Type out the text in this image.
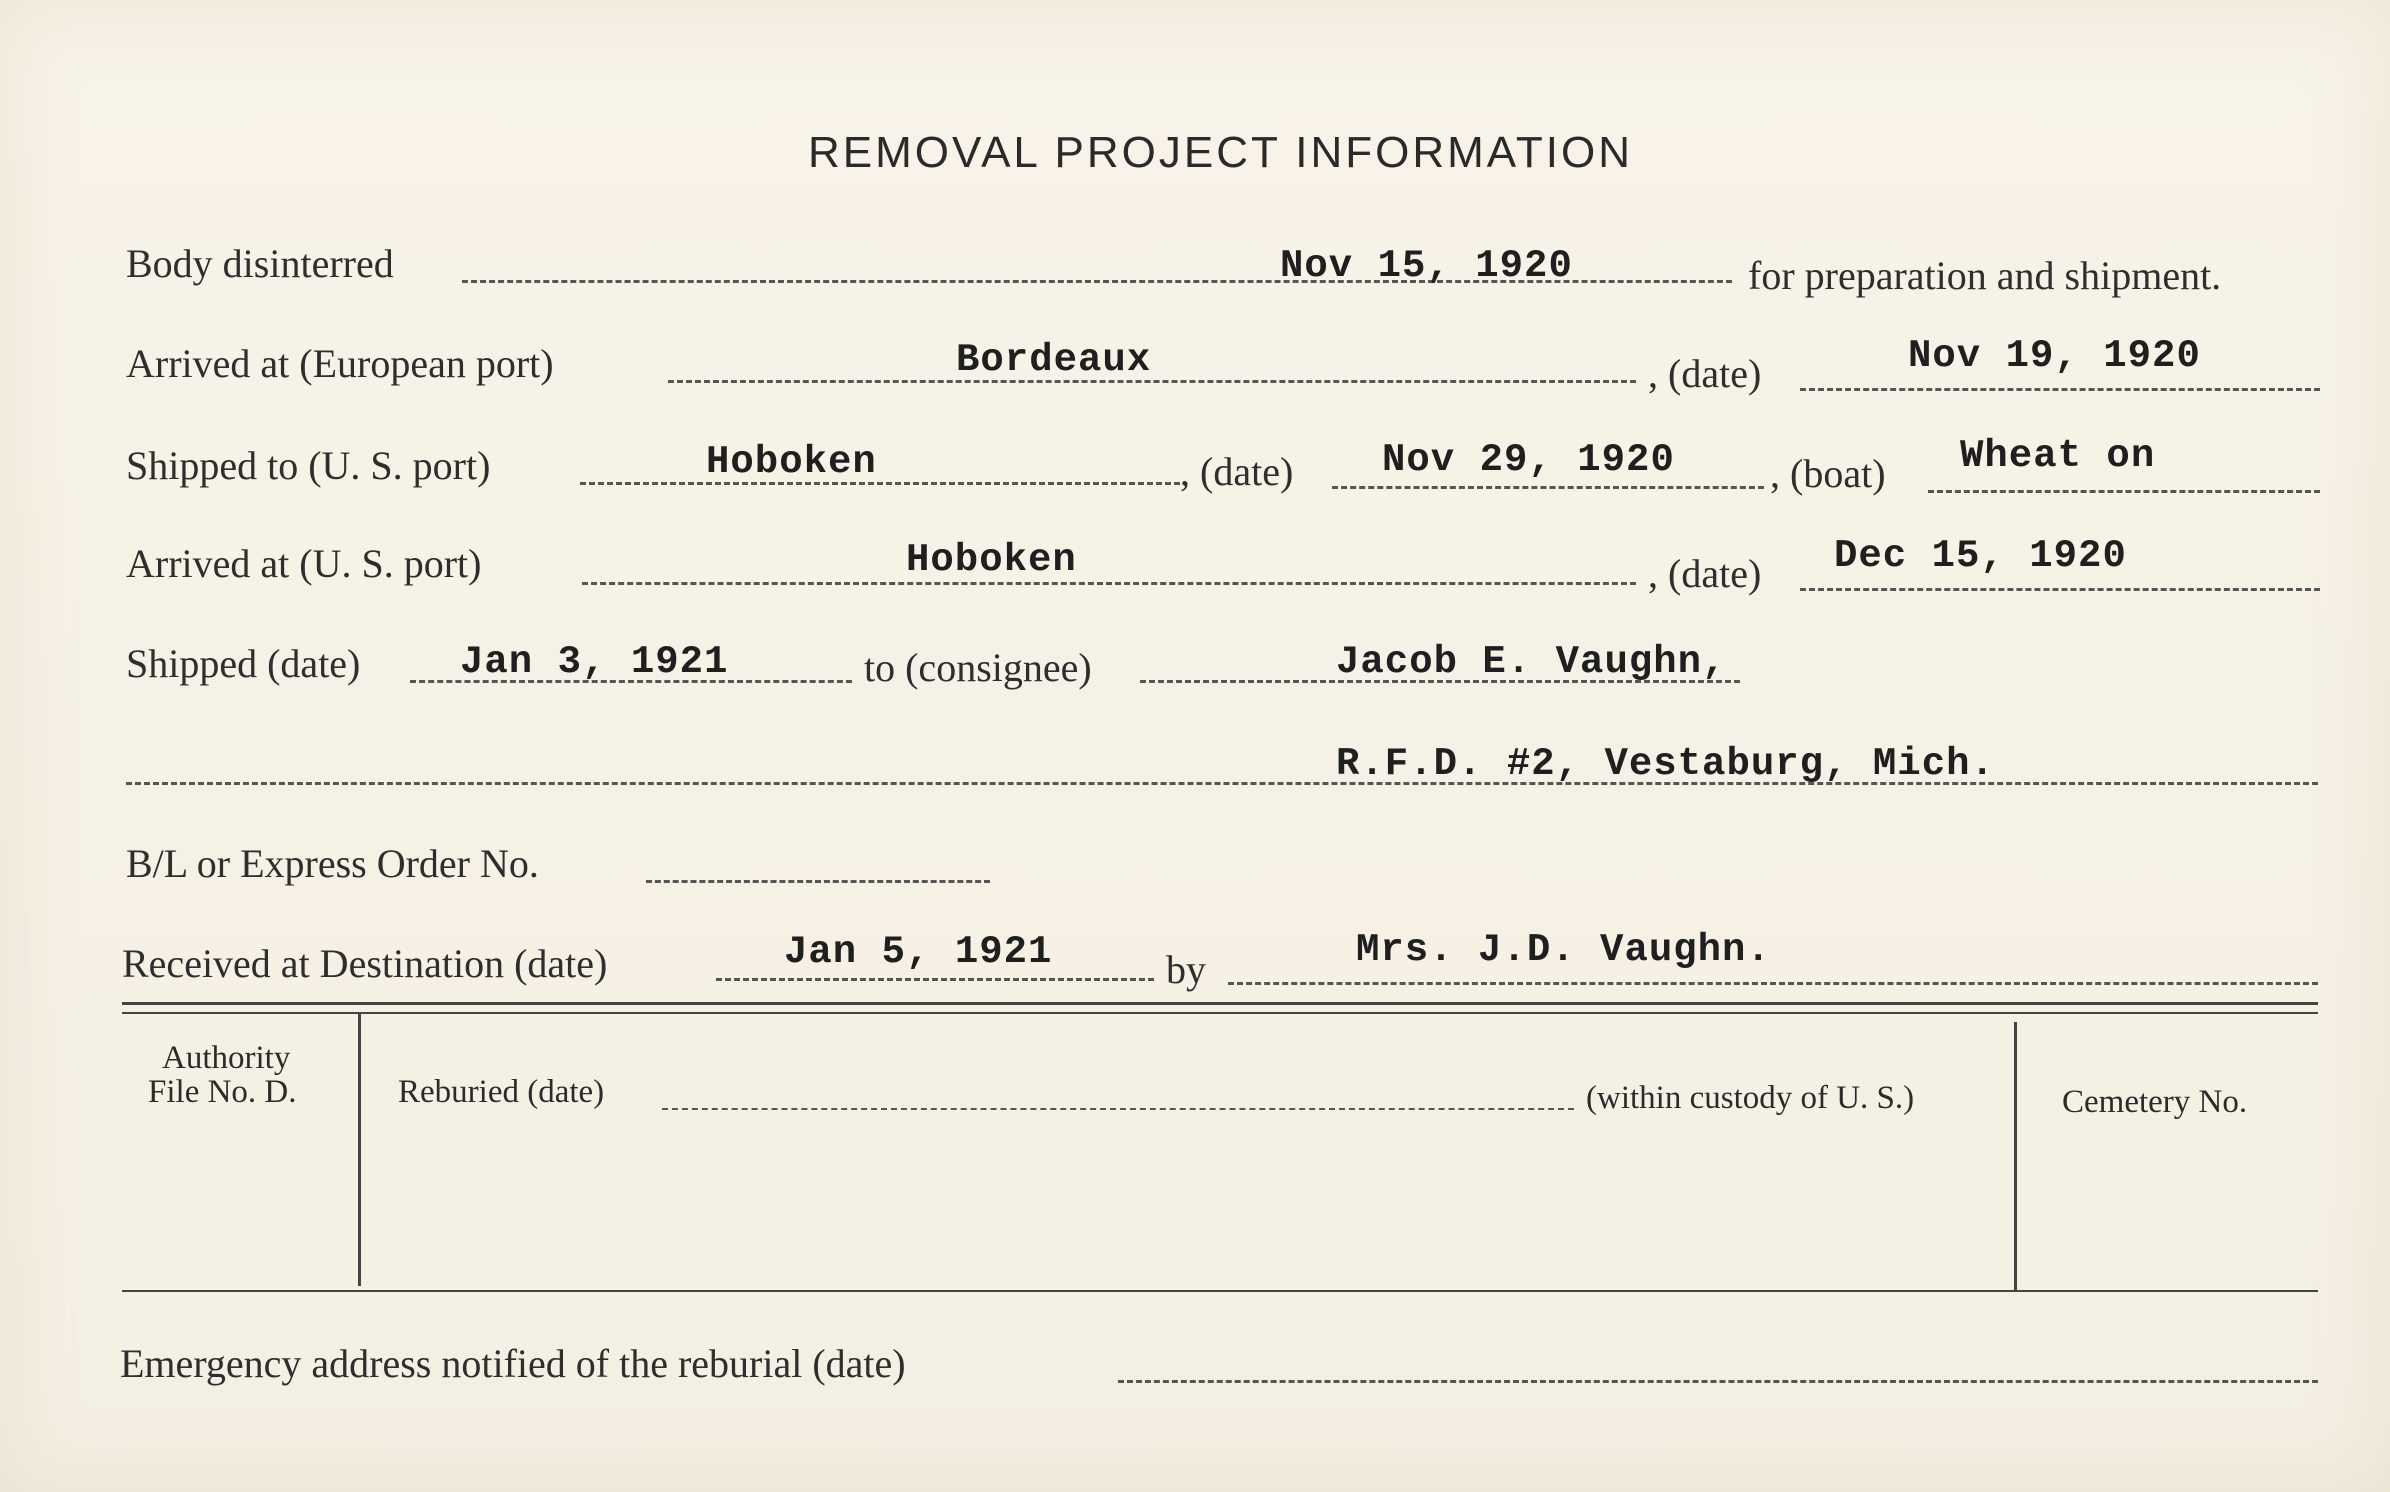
REMOVAL PROJECT INFORMATION
Body disinterred	Nov 15, 1920	for preparation and shipment.
Arrived at (European port)	Bordeaux	, (date)	Nov 19, 1920
Shipped to (U. S. port)	Hoboken	, (date) Nov 29, 1920 , (boat) Wheat on
Arrived at (U. S. port)	Hoboken	, (date) Dec 15, 1920
Shipped (date)	Jan 3, 1921	to (consignee)	Jacob E. Vaughn,
R.F.D. #2, Vestaburg, Mich.
B/L or Express Order No.
Received at Destination (date)	Jan 5, 1921	by	Mrs. J.D. Vaughn.
Authority
File No. D.	Reburied (date)	(within custody of U. S.)	Cemetery No.
Emergency address notified of the reburial (date)
